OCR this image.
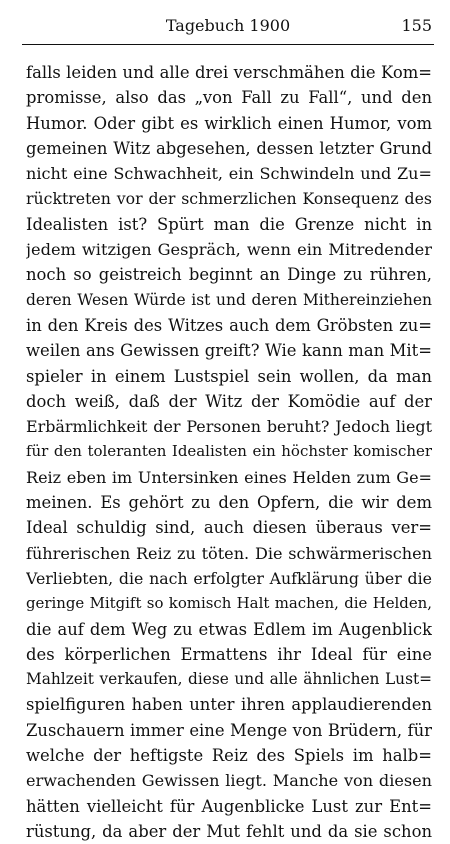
Tagebuch 1900	155
falls leiden und alle drei verschmähen die Kom=
promisse, also das „von Fall zu Fall“, und den
Humor. Oder gibt es wirklich einen Humor, vom
gemeinen Witz abgesehen, dessen letzter Grund
nicht eine Schwachheit, ein Schwindeln und Zu=
rücktreten vor der schmerzlichen Konsequenz des
Idealisten ist? Spürt man die Grenze nicht in
jedem witzigen Gespräch, wenn ein Mitredender
noch so geistreich beginnt an Dinge zu rühren,
deren Wesen Würde ist und deren Mithereinziehen
in den Kreis des Witzes auch dem Gröbsten zu=
weilen ans Gewissen greift? Wie kann man Mit=
spieler in einem Lustspiel sein wollen, da man
doch weiß, daß der Witz der Komödie auf der
Erbärmlichkeit der Personen beruht? Jedoch liegt
für den toleranten Idealisten ein höchster komischer
Reiz eben im Untersinken eines Helden zum Ge=
meinen. Es gehört zu den Opfern, die wir dem
Ideal schuldig sind, auch diesen überaus ver=
führerischen Reiz zu töten. Die schwärmerischen
Verliebten, die nach erfolgter Aufklärung über die
geringe Mitgift so komisch Halt machen, die Helden,
die auf dem Weg zu etwas Edlem im Augenblick
des körperlichen Ermattens ihr Ideal für eine
Mahlzeit verkaufen, diese und alle ähnlichen Lust=
spielfiguren haben unter ihren applaudierenden
Zuschauern immer eine Menge von Brüdern, für
welche der heftigste Reiz des Spiels im halb=
erwachenden Gewissen liegt. Manche von diesen
hätten vielleicht für Augenblicke Lust zur Ent=
rüstung, da aber der Mut fehlt und da sie schon
